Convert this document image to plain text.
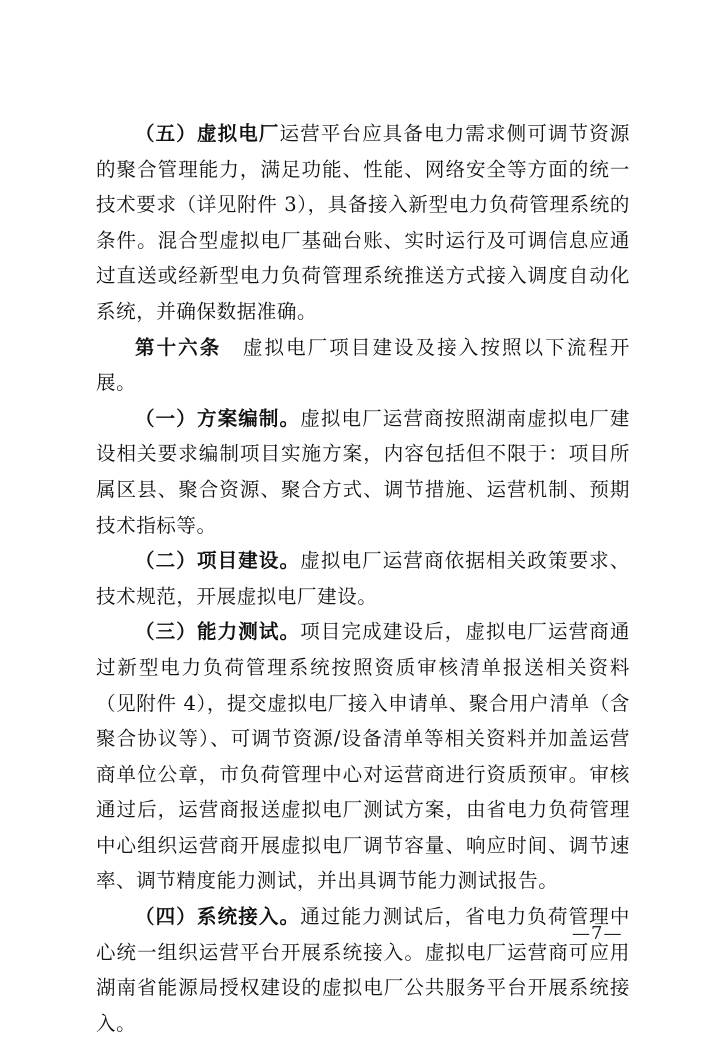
（五）虚拟电厂运营平台应具备电力需求侧可调节资源的聚合管理能力，满足功能、性能、网络安全等方面的统一技术要求（详见附件 3），具备接入新型电力负荷管理系统的条件。混合型虚拟电厂基础台账、实时运行及可调信息应通过直送或经新型电力负荷管理系统推送方式接入调度自动化系统，并确保数据准确。

第十六条　虚拟电厂项目建设及接入按照以下流程开展。

（一）方案编制。虚拟电厂运营商按照湖南虚拟电厂建设相关要求编制项目实施方案，内容包括但不限于：项目所属区县、聚合资源、聚合方式、调节措施、运营机制、预期技术指标等。

（二）项目建设。虚拟电厂运营商依据相关政策要求、技术规范，开展虚拟电厂建设。

（三）能力测试。项目完成建设后，虚拟电厂运营商通过新型电力负荷管理系统按照资质审核清单报送相关资料（见附件 4），提交虚拟电厂接入申请单、聚合用户清单（含聚合协议等）、可调节资源/设备清单等相关资料并加盖运营商单位公章，市负荷管理中心对运营商进行资质预审。审核通过后，运营商报送虚拟电厂测试方案，由省电力负荷管理中心组织运营商开展虚拟电厂调节容量、响应时间、调节速率、调节精度能力测试，并出具调节能力测试报告。

（四）系统接入。通过能力测试后，省电力负荷管理中心统一组织运营平台开展系统接入。虚拟电厂运营商可应用湖南省能源局授权建设的虚拟电厂公共服务平台开展系统接入。

—7—
